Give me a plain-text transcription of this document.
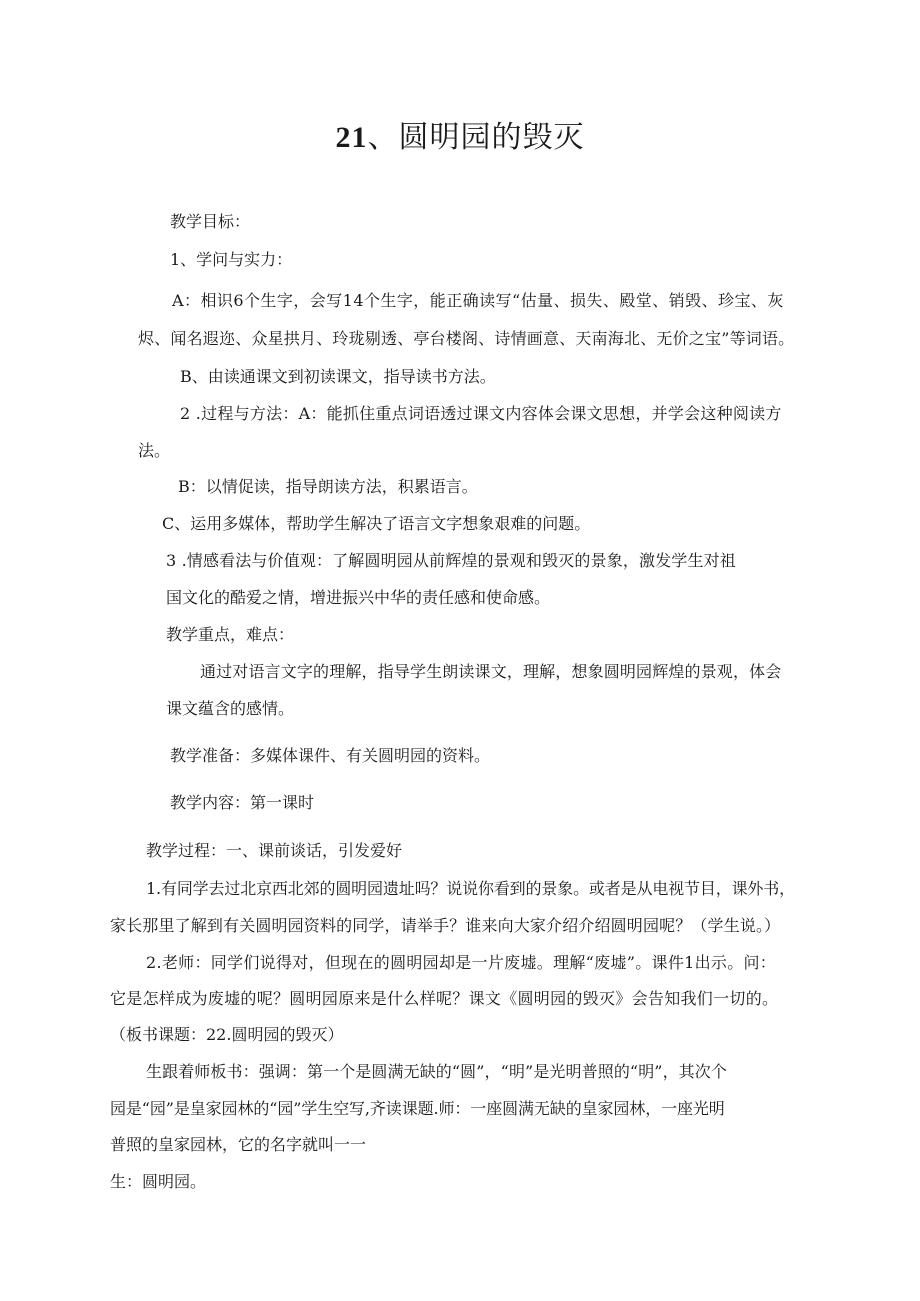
21、圆明园的毁灭
教学目标：
1、学问与实力：
A：相识6个生字，会写14个生字，能正确读写“估量、损失、殿堂、销毁、珍宝、灰
烬、闻名遐迩、众星拱月、玲珑剔透、亭台楼阁、诗情画意、天南海北、无价之宝”等词语。
B、由读通课文到初读课文，指导读书方法。
2 .过程与方法：A：能抓住重点词语透过课文内容体会课文思想，并学会这种阅读方
法。
B：以情促读，指导朗读方法，积累语言。
C、运用多媒体，帮助学生解决了语言文字想象艰难的问题。
3 .情感看法与价值观：了解圆明园从前辉煌的景观和毁灭的景象，激发学生对祖
国文化的酷爱之情，增进振兴中华的责任感和使命感。
教学重点，难点：
通过对语言文字的理解，指导学生朗读课文，理解，想象圆明园辉煌的景观，体会
课文蕴含的感情。
教学准备：多媒体课件、有关圆明园的资料。
教学内容：第一课时
教学过程：一、课前谈话，引发爱好
1.有同学去过北京西北郊的圆明园遗址吗？说说你看到的景象。或者是从电视节目，课外书，
家长那里了解到有关圆明园资料的同学，请举手？谁来向大家介绍介绍圆明园呢？（学生说。）
2.老师：同学们说得对，但现在的圆明园却是一片废墟。理解“废墟”。课件1出示。问：
它是怎样成为废墟的呢？圆明园原来是什么样呢？课文《圆明园的毁灭》会告知我们一切的。
（板书课题：22.圆明园的毁灭）
生跟着师板书：强调：第一个是圆满无缺的“圆”，“明”是光明普照的“明”，其次个
园是“园”是皇家园林的“园”学生空写,齐读课题.师：一座圆满无缺的皇家园林，一座光明
普照的皇家园林，它的名字就叫一一
生：圆明园。
